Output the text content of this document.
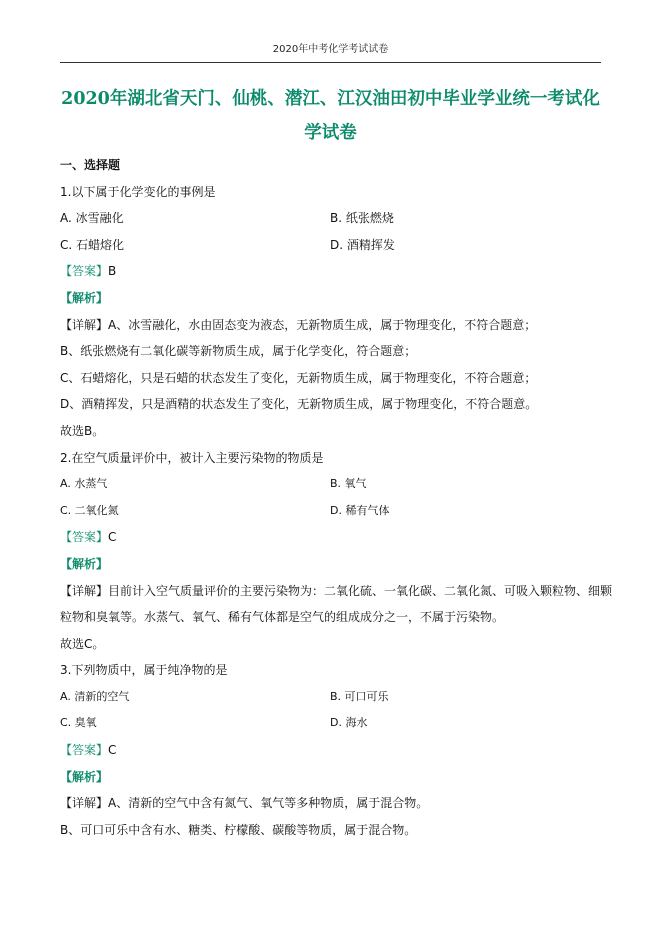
2020年中考化学考试试卷
2020年湖北省天门、仙桃、潜江、江汉油田初中毕业学业统一考试化
学试卷
一、选择题
1.以下属于化学变化的事例是
A. 冰雪融化	B. 纸张燃烧
C. 石蜡熔化	D. 酒精挥发
【答案】B
【解析】
【详解】A、冰雪融化，水由固态变为液态，无新物质生成，属于物理变化，不符合题意；
B、纸张燃烧有二氧化碳等新物质生成，属于化学变化，符合题意；
C、石蜡熔化，只是石蜡的状态发生了变化，无新物质生成，属于物理变化，不符合题意；
D、酒精挥发，只是酒精的状态发生了变化，无新物质生成，属于物理变化，不符合题意。
故选B。
2.在空气质量评价中，被计入主要污染物的物质是
A. 水蒸气	B. 氧气
C. 二氧化氮	D. 稀有气体
【答案】C
【解析】
【详解】目前计入空气质量评价的主要污染物为：二氧化硫、一氧化碳、二氧化氮、可吸入颗粒物、细颗
粒物和臭氧等。水蒸气、氧气、稀有气体都是空气的组成成分之一，不属于污染物。
故选C。
3.下列物质中，属于纯净物的是
A. 清新的空气	B. 可口可乐
C. 臭氧	D. 海水
【答案】C
【解析】
【详解】A、清新的空气中含有氮气、氧气等多种物质，属于混合物。
B、可口可乐中含有水、糖类、柠檬酸、碳酸等物质，属于混合物。
